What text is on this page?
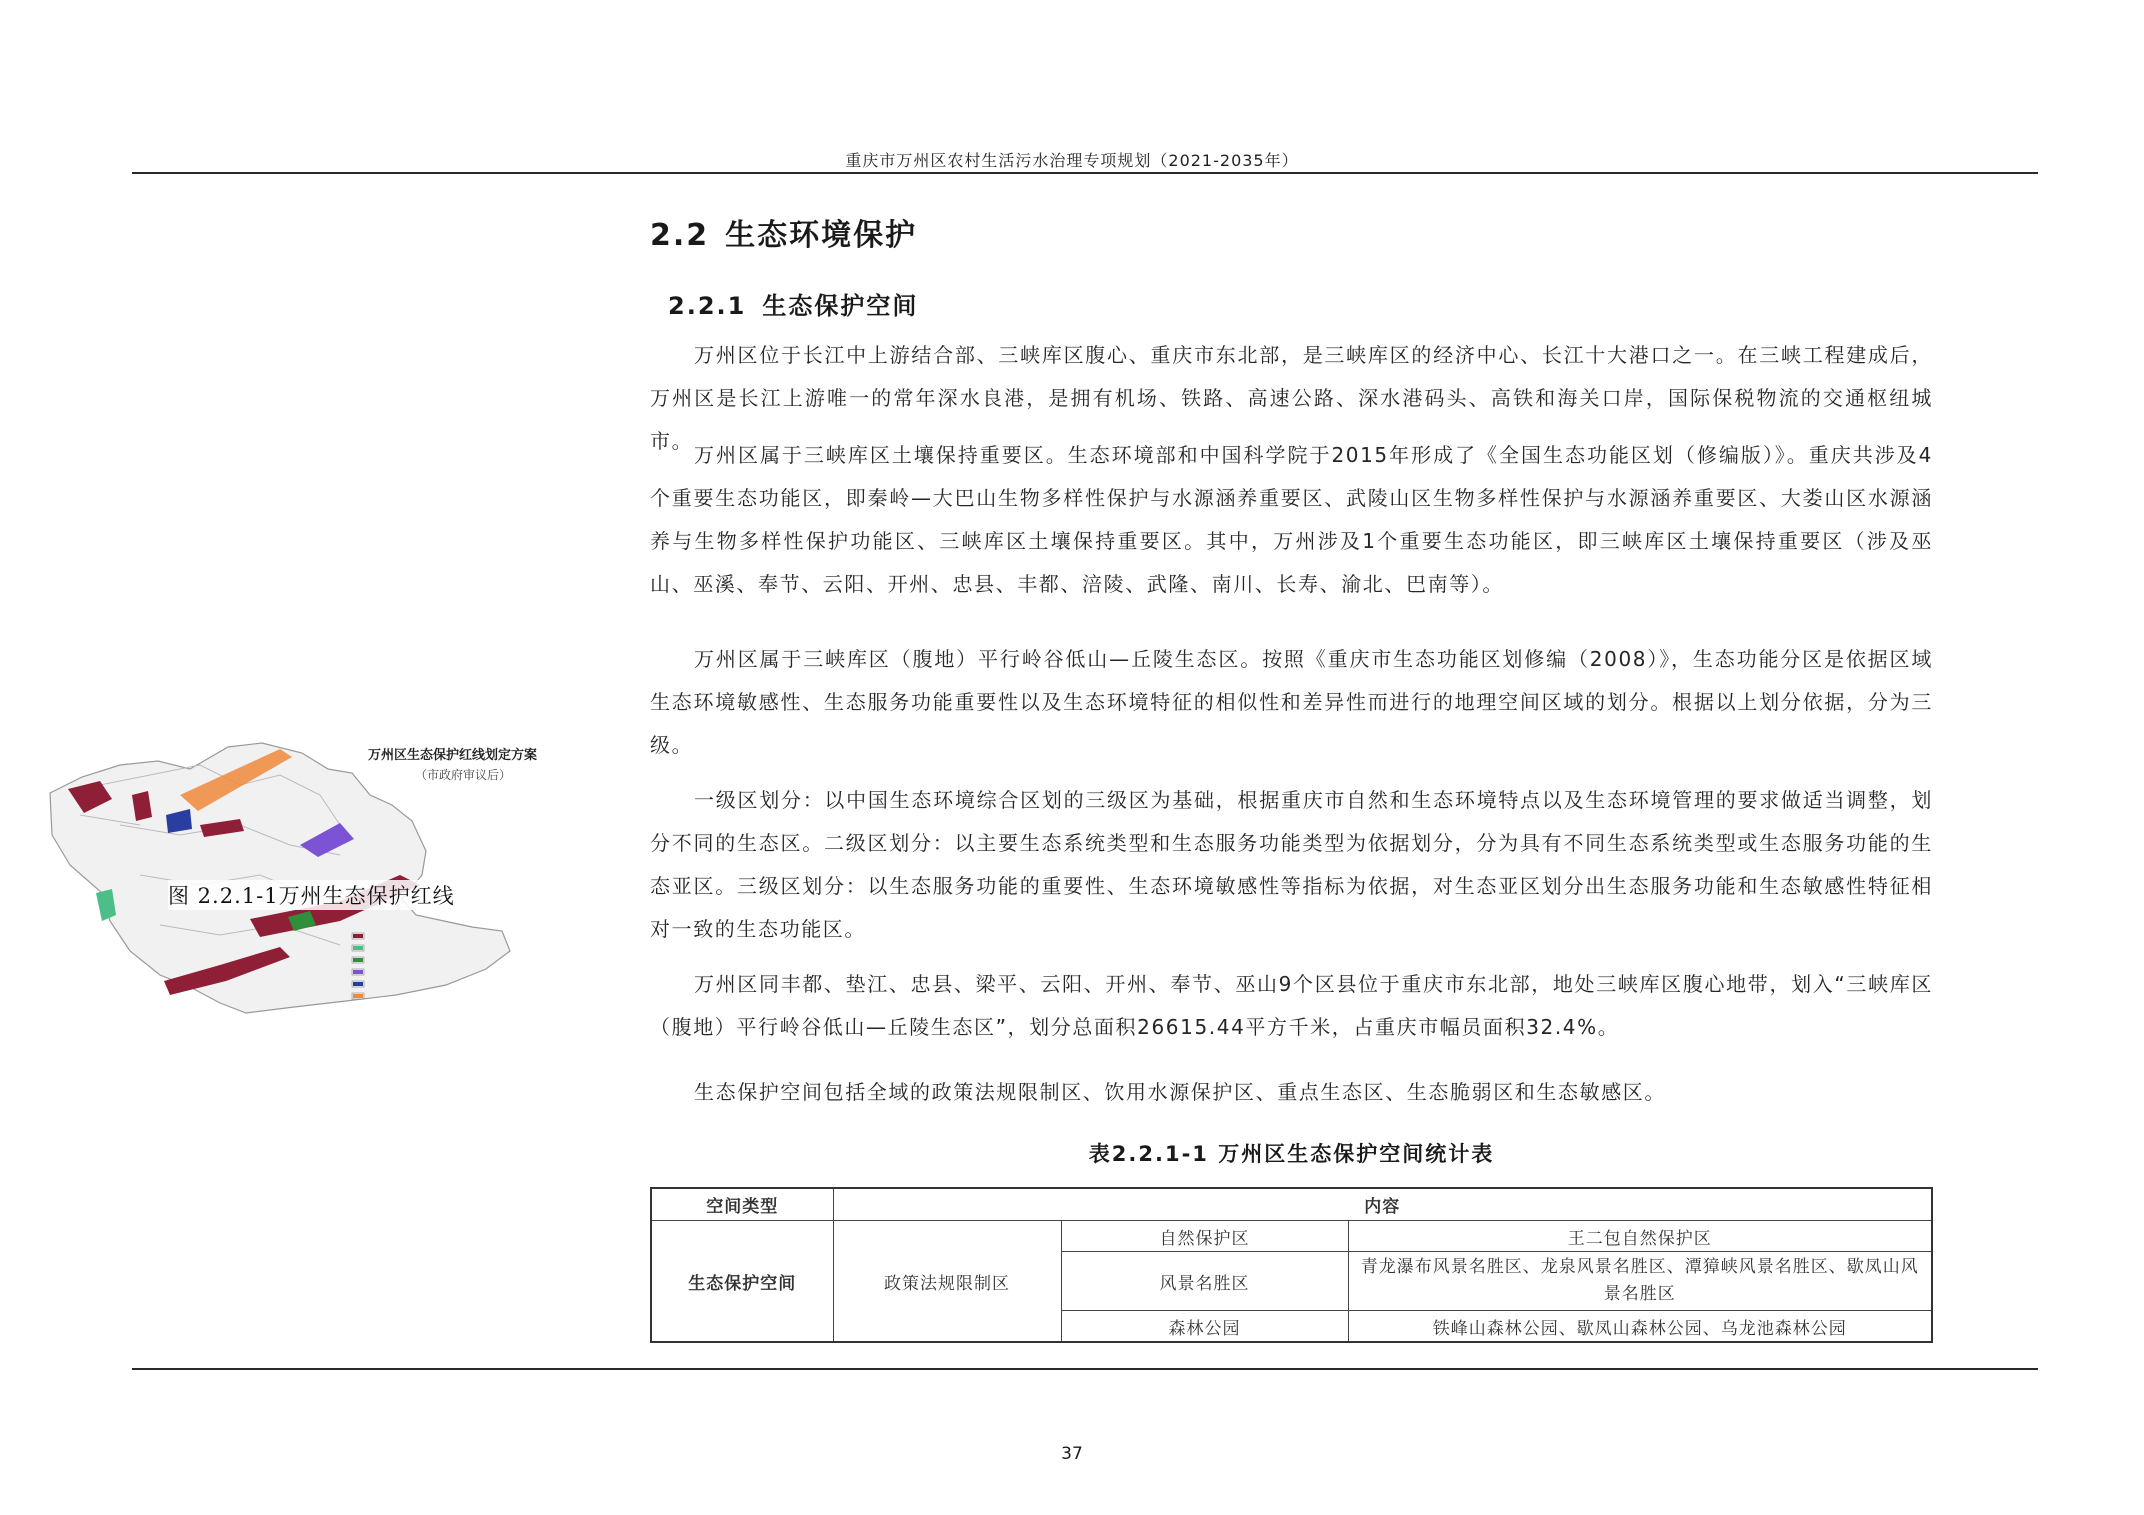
重庆市万州区农村生活污水治理专项规划（2021-2035年）
2.2 生态环境保护
2.2.1 生态保护空间

万州区位于长江中上游结合部、三峡库区腹心、重庆市东北部，是三峡库区的经济中心、长江十大港口之一。在三峡工程建成后，万州区是长江上游唯一的常年深水良港，是拥有机场、铁路、高速公路、深水港码头、高铁和海关口岸，国际保税物流的交通枢纽城市。

万州区属于三峡库区土壤保持重要区。生态环境部和中国科学院于2015年形成了《全国生态功能区划（修编版）》。重庆共涉及4个重要生态功能区，即秦岭—大巴山生物多样性保护与水源涵养重要区、武陵山区生物多样性保护与水源涵养重要区、大娄山区水源涵养与生物多样性保护功能区、三峡库区土壤保持重要区。其中，万州涉及1个重要生态功能区，即三峡库区土壤保持重要区（涉及巫山、巫溪、奉节、云阳、开州、忠县、丰都、涪陵、武隆、南川、长寿、渝北、巴南等）。

万州区属于三峡库区（腹地）平行岭谷低山—丘陵生态区。按照《重庆市生态功能区划修编（2008）》，生态功能分区是依据区域生态环境敏感性、生态服务功能重要性以及生态环境特征的相似性和差异性而进行的地理空间区域的划分。根据以上划分依据，分为三级。

一级区划分：以中国生态环境综合区划的三级区为基础，根据重庆市自然和生态环境特点以及生态环境管理的要求做适当调整，划分不同的生态区。二级区划分：以主要生态系统类型和生态服务功能类型为依据划分，分为具有不同生态系统类型或生态服务功能的生态亚区。三级区划分：以生态服务功能的重要性、生态环境敏感性等指标为依据，对生态亚区划分出生态服务功能和生态敏感性特征相对一致的生态功能区。

万州区同丰都、垫江、忠县、梁平、云阳、开州、奉节、巫山9个区县位于重庆市东北部，地处三峡库区腹心地带，划入“三峡库区（腹地）平行岭谷低山—丘陵生态区”，划分总面积26615.44平方千米，占重庆市幅员面积32.4%。

生态保护空间包括全域的政策法规限制区、饮用水源保护区、重点生态区、生态脆弱区和生态敏感区。

万州区生态保护红线划定方案
（市政府审议后）
图 2.2.1-1万州生态保护红线
表2.2.1-1 万州区生态保护空间统计表
空间类型	内容		
生态保护空间	政策法规限制区	自然保护区	王二包自然保护区
		风景名胜区	青龙瀑布风景名胜区、龙泉风景名胜区、潭獐峡风景名胜区、歇凤山风景名胜区
		森林公园	铁峰山森林公园、歇凤山森林公园、乌龙池森林公园
37
